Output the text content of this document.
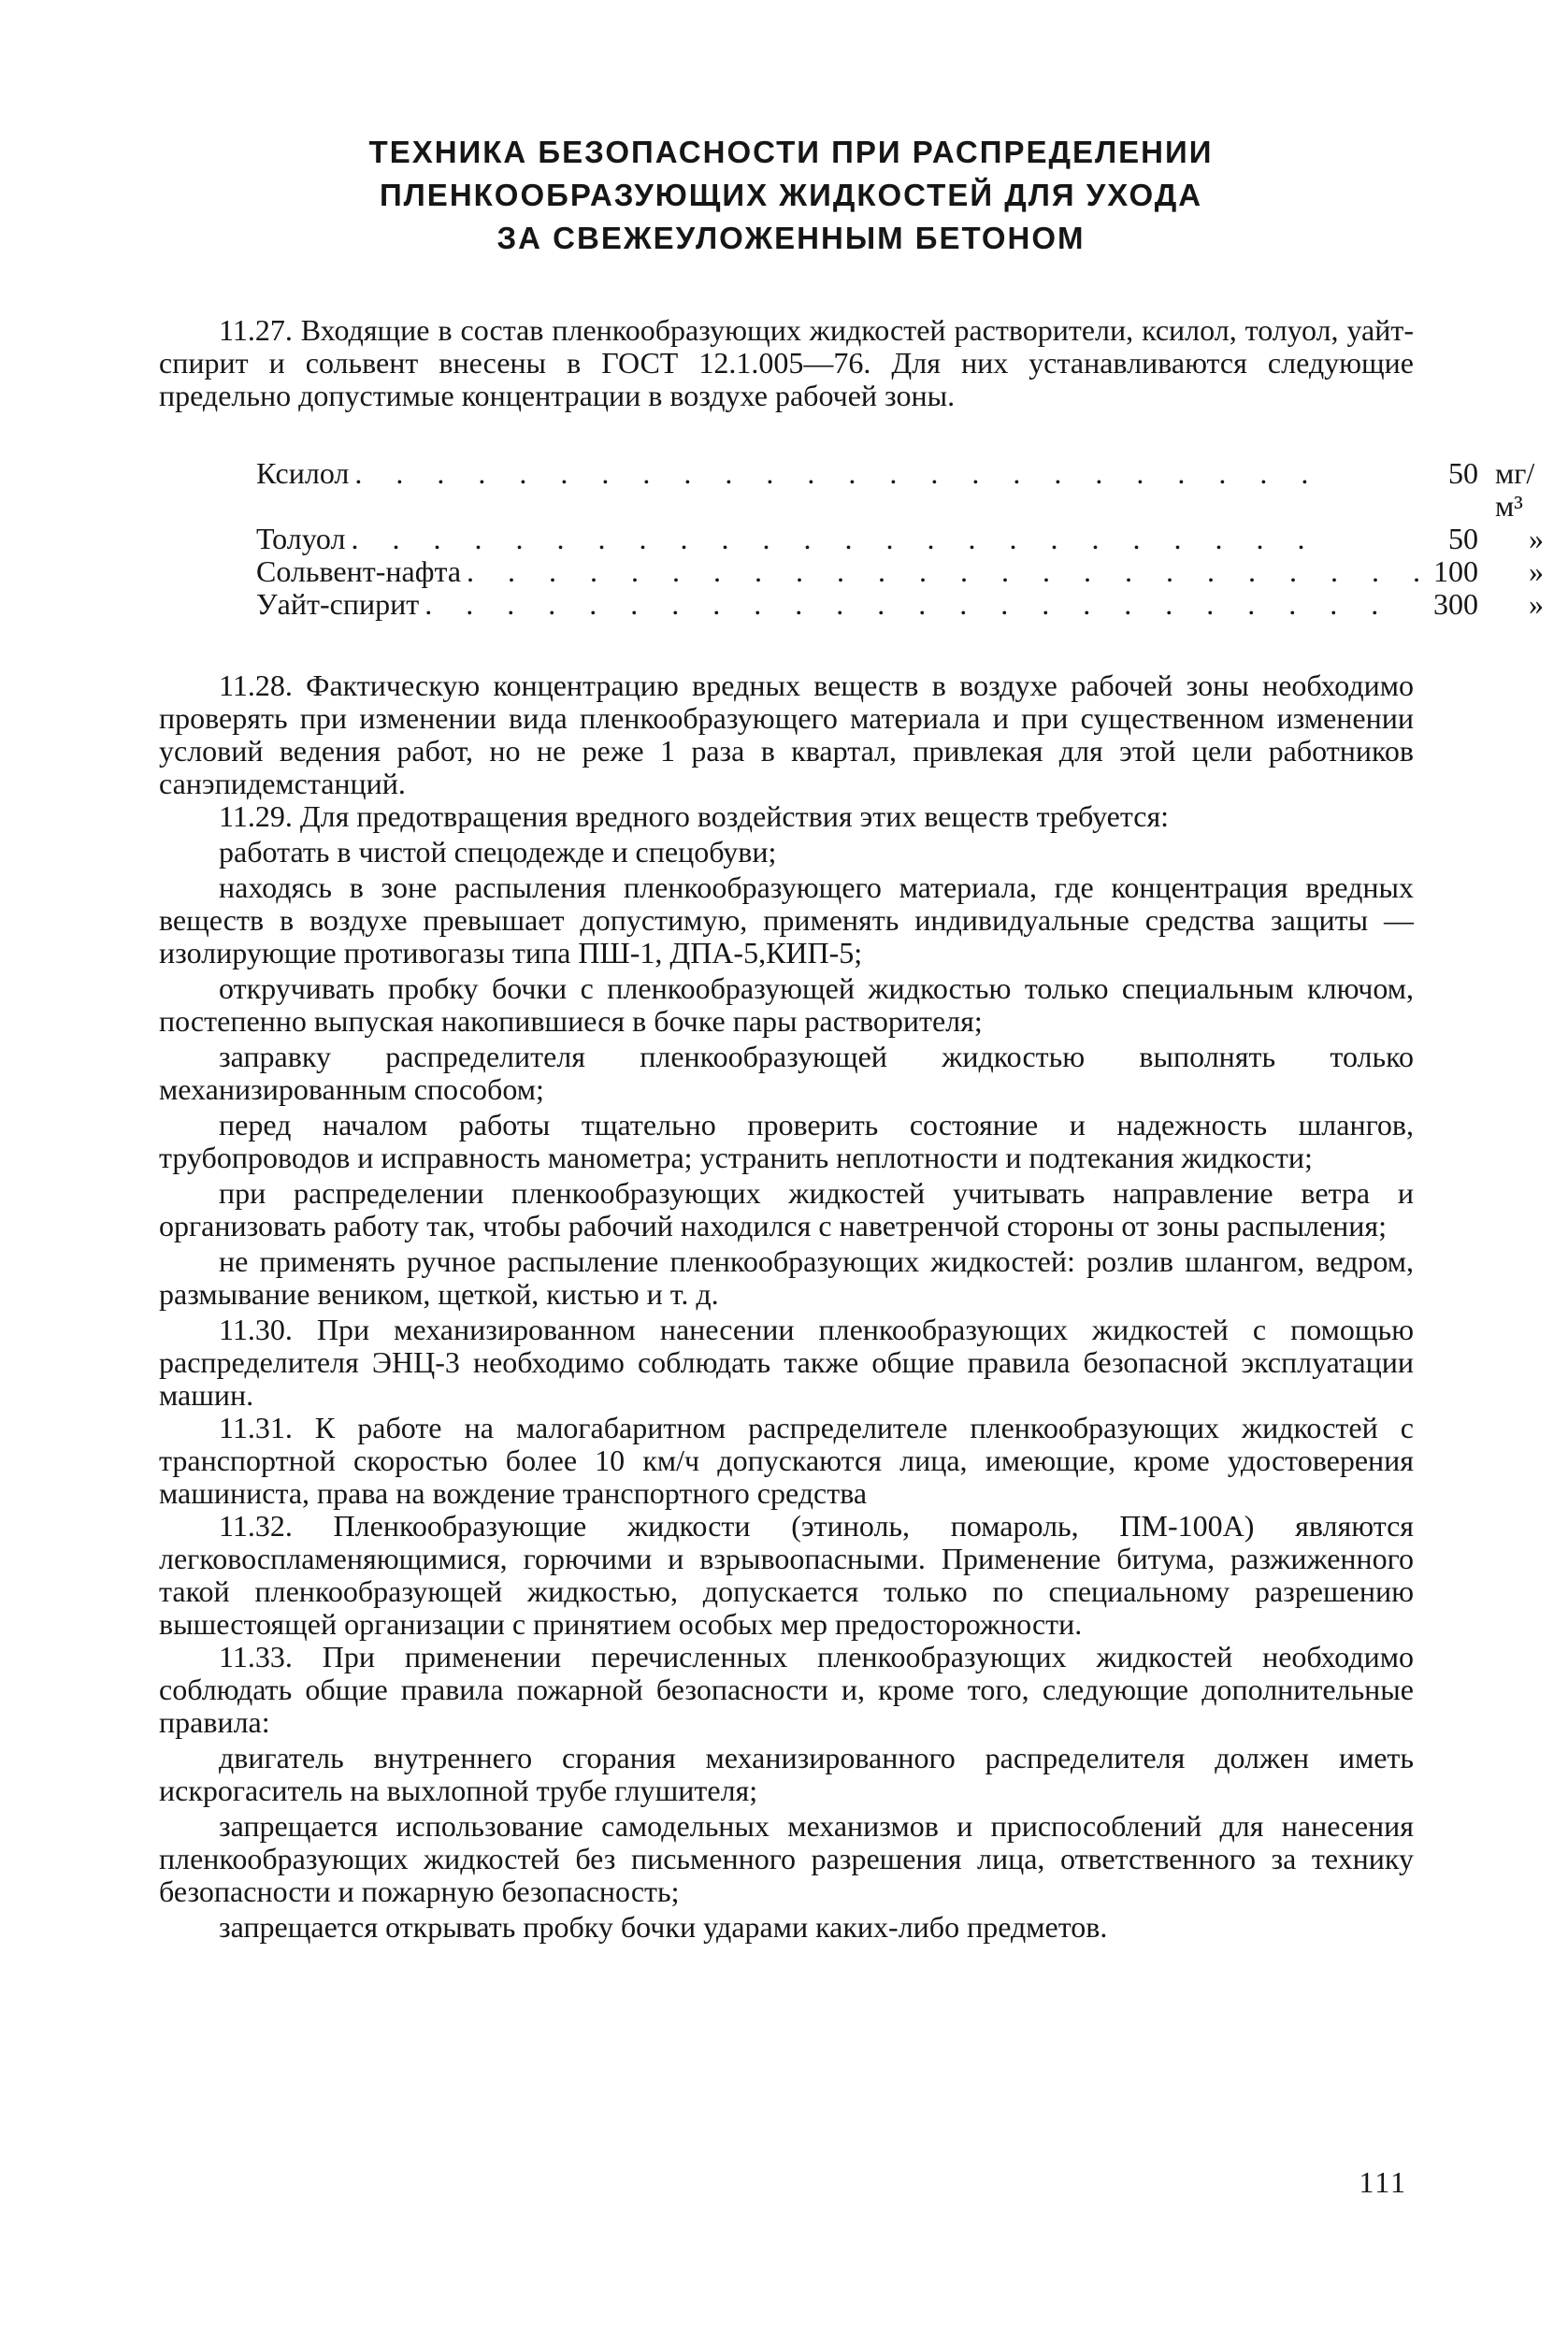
ТЕХНИКА БЕЗОПАСНОСТИ ПРИ РАСПРЕДЕЛЕНИИ
ПЛЕНКООБРАЗУЮЩИХ ЖИДКОСТЕЙ ДЛЯ УХОДА
ЗА СВЕЖЕУЛОЖЕННЫМ БЕТОНОМ

11.27. Входящие в состав пленкообразующих жидкостей растворители, ксилол, толуол, уайт-спирит и сольвент внесены в ГОСТ 12.1.005—76. Для них устанавливаются следующие предельно допустимые концентрации в воздухе рабочей зоны.

Ксилол . . . . . . . . . . . . . . . . . . . . . . . .	50	мг/м³

Толуол . . . . . . . . . . . . . . . . . . . . . . . .	50	»

Сольвент-нафта . . . . . . . . . . . . . . . . . . . . . . . .	100	»

Уайт-спирит . . . . . . . . . . . . . . . . . . . . . . . .	300	»

11.28. Фактическую концентрацию вредных веществ в воздухе рабочей зоны необходимо проверять при изменении вида пленкообразующего материала и при существенном изменении условий ведения работ, но не реже 1 раза в квартал, привлекая для этой цели работников санэпидемстанций.

11.29. Для предотвращения вредного воздействия этих веществ требуется:

работать в чистой спецодежде и спецобуви;

находясь в зоне распыления пленкообразующего материала, где концентрация вредных веществ в воздухе превышает допустимую, применять индивидуальные средства защиты — изолирующие противогазы типа ПШ-1, ДПА-5,КИП-5;

откручивать пробку бочки с пленкообразующей жидкостью только специальным ключом, постепенно выпуская накопившиеся в бочке пары растворителя;

заправку распределителя пленкообразующей жидкостью выполнять только механизированным способом;

перед началом работы тщательно проверить состояние и надежность шлангов, трубопроводов и исправность манометра; устранить неплотности и подтекания жидкости;

при распределении пленкообразующих жидкостей учитывать направление ветра и организовать работу так, чтобы рабочий находился с наветренчой стороны от зоны распыления;

не применять ручное распыление пленкообразующих жидкостей: розлив шлангом, ведром, размывание веником, щеткой, кистью и т. д.

11.30. При механизированном нанесении пленкообразующих жидкостей с помощью распределителя ЭНЦ-3 необходимо соблюдать также общие правила безопасной эксплуатации машин.

11.31. К работе на малогабаритном распределителе пленкообразующих жидкостей с транспортной скоростью более 10 км/ч допускаются лица, имеющие, кроме удостоверения машиниста, права на вождение транспортного средства

11.32. Пленкообразующие жидкости (этиноль, помароль, ПМ-100А) являются легковоспламеняющимися, горючими и взрывоопасными. Применение битума, разжиженного такой пленкообразующей жидкостью, допускается только по специальному разрешению вышестоящей организации с принятием особых мер предосторожности.

11.33. При применении перечисленных пленкообразующих жидкостей необходимо соблюдать общие правила пожарной безопасности и, кроме того, следующие дополнительные правила:

двигатель внутреннего сгорания механизированного распределителя должен иметь искрогаситель на выхлопной трубе глушителя;

запрещается использование самодельных механизмов и приспособлений для нанесения пленкообразующих жидкостей без письменного разрешения лица, ответственного за технику безопасности и пожарную безопасность;

запрещается открывать пробку бочки ударами каких-либо предметов.

111
